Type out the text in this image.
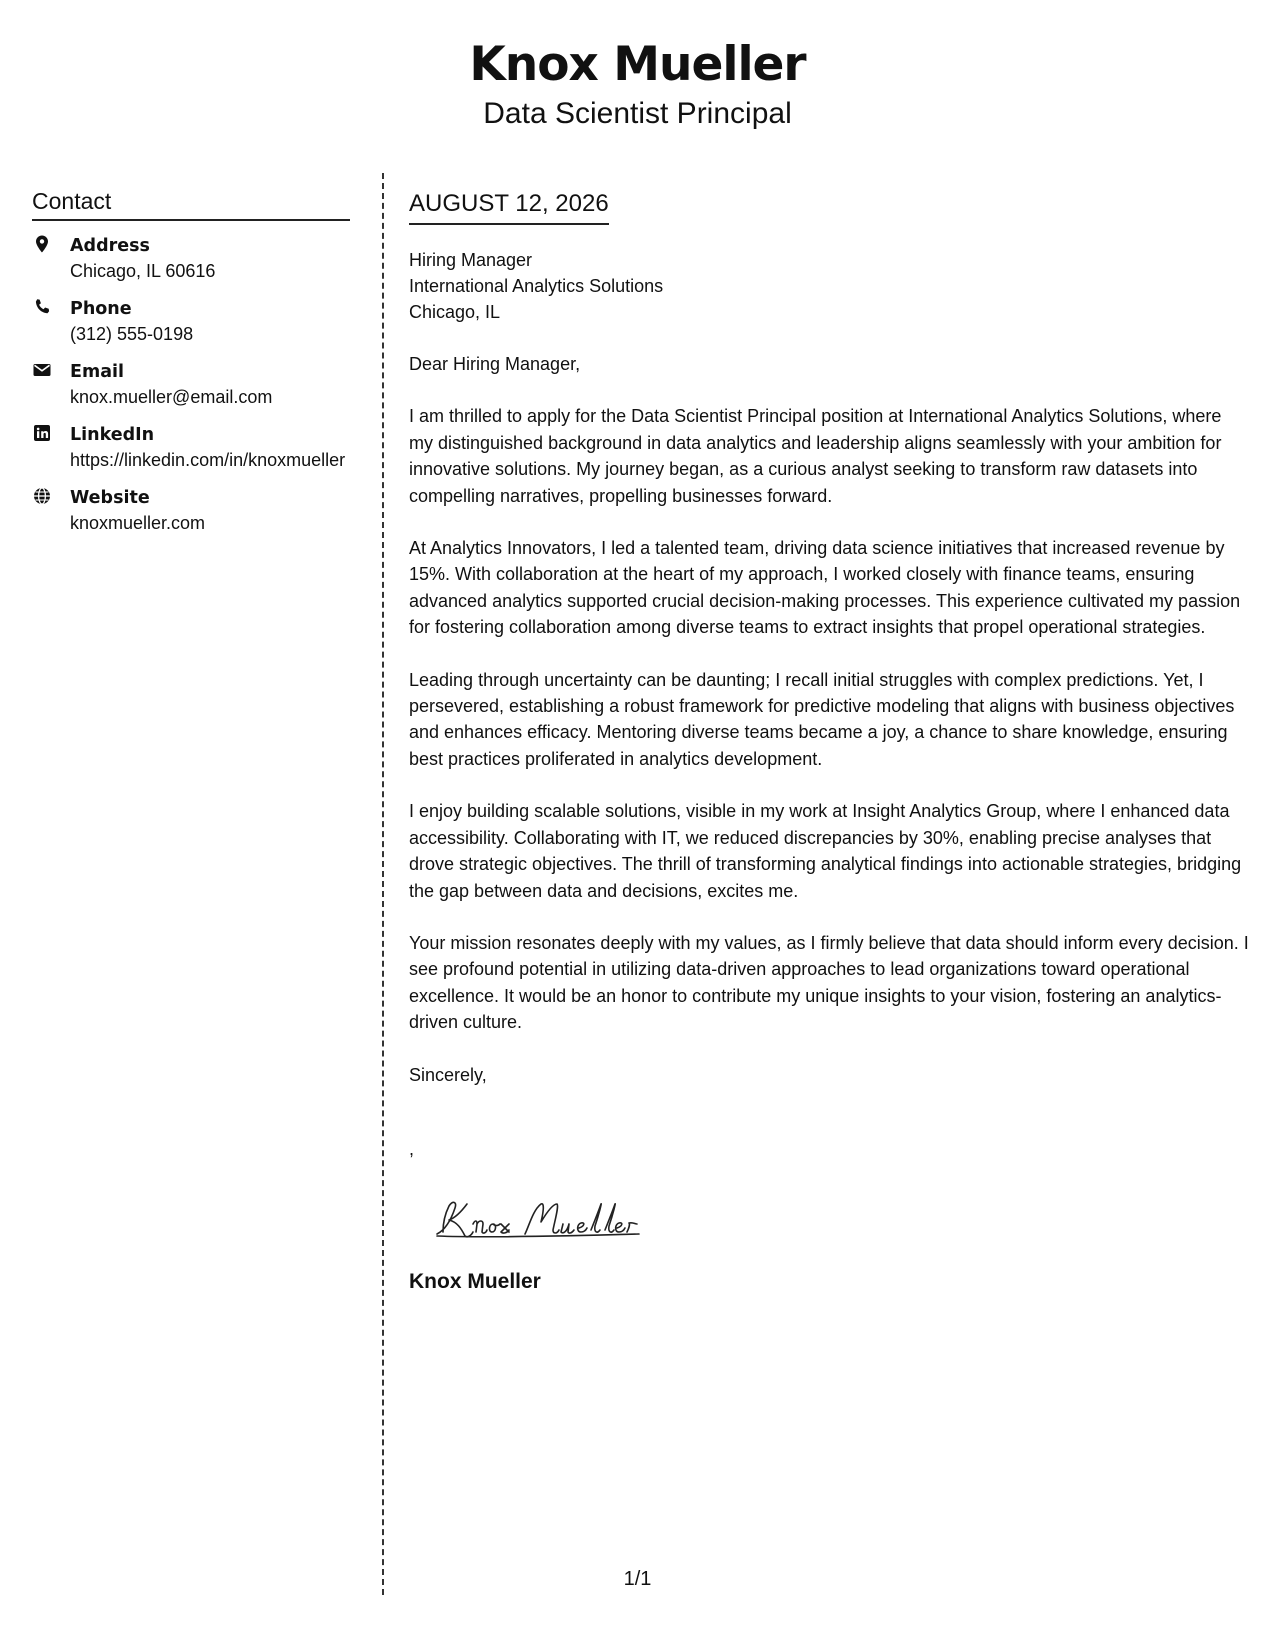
Knox Mueller
Data Scientist Principal
Contact
Address
Chicago, IL 60616
Phone
(312) 555-0198
Email
knox.mueller@email.com
LinkedIn
https://linkedin.com/in/knoxmueller
Website
knoxmueller.com
AUGUST 12, 2026
Hiring Manager
International Analytics Solutions
Chicago, IL

Dear Hiring Manager,

I am thrilled to apply for the Data Scientist Principal position at International Analytics Solutions, where my distinguished background in data analytics and leadership aligns seamlessly with your ambition for innovative solutions. My journey began, as a curious analyst seeking to transform raw datasets into compelling narratives, propelling businesses forward.

At Analytics Innovators, I led a talented team, driving data science initiatives that increased revenue by 15%. With collaboration at the heart of my approach, I worked closely with finance teams, ensuring advanced analytics supported crucial decision-making processes. This experience cultivated my passion for fostering collaboration among diverse teams to extract insights that propel operational strategies.

Leading through uncertainty can be daunting; I recall initial struggles with complex predictions. Yet, I persevered, establishing a robust framework for predictive modeling that aligns with business objectives and enhances efficacy. Mentoring diverse teams became a joy, a chance to share knowledge, ensuring best practices proliferated in analytics development.

I enjoy building scalable solutions, visible in my work at Insight Analytics Group, where I enhanced data accessibility. Collaborating with IT, we reduced discrepancies by 30%, enabling precise analyses that drove strategic objectives. The thrill of transforming analytical findings into actionable strategies, bridging the gap between data and decisions, excites me.

Your mission resonates deeply with my values, as I firmly believe that data should inform every decision. I see profound potential in utilizing data-driven approaches to lead organizations toward operational excellence. It would be an honor to contribute my unique insights to your vision, fostering an analytics-driven culture.

Sincerely,
,
Knox Mueller
1/1
